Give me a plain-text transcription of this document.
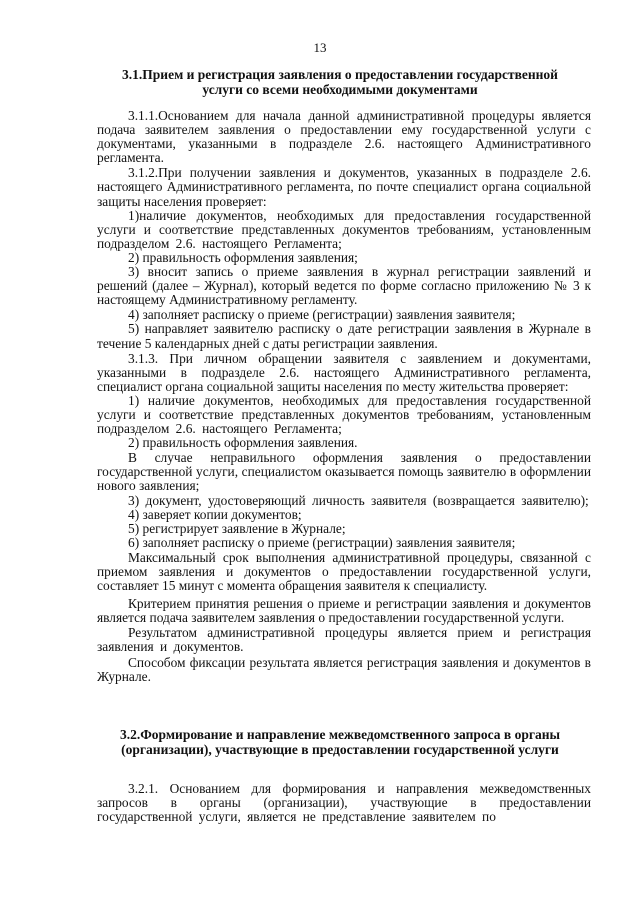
13
3.1.Прием и регистрация заявления о предоставлении государственной услуги со всеми необходимыми документами

3.1.1.Основанием для начала данной административной процедуры является подача заявителем заявления о предоставлении ему государственной услуги с документами, указанными в подразделе 2.6. настоящего Административного регламента.

3.1.2.При получении заявления и документов, указанных в подразделе 2.6. настоящего Административного регламента, по почте специалист органа социальной защиты населения проверяет:

1)наличие документов, необходимых для предоставления государственной услуги и соответствие представленных документов требованиям, установленным подразделом 2.6. настоящего Регламента;

2) правильность оформления заявления;

3) вносит запись о приеме заявления в журнал регистрации заявлений и решений (далее – Журнал), который ведется по форме согласно приложению № 3 к настоящему Административному регламенту.

4) заполняет расписку о приеме (регистрации) заявления заявителя;

5) направляет заявителю расписку о дате регистрации заявления в Журнале в течение 5 календарных дней с даты регистрации заявления.

3.1.3. При личном обращении заявителя с заявлением и документами, указанными в подразделе 2.6. настоящего Административного регламента, специалист органа социальной защиты населения по месту жительства проверяет:

1) наличие документов, необходимых для предоставления государственной услуги и соответствие представленных документов требованиям, установленным подразделом 2.6. настоящего Регламента;

2) правильность оформления заявления.

В случае неправильного оформления заявления о предоставлении государственной услуги, специалистом оказывается помощь заявителю в оформлении нового заявления;

3) документ, удостоверяющий личность заявителя (возвращается заявителю);

4) заверяет копии документов;

5) регистрирует заявление в Журнале;

6) заполняет расписку о приеме (регистрации) заявления заявителя;

Максимальный срок выполнения административной процедуры, связанной с приемом заявления и документов о предоставлении государственной услуги, составляет 15 минут с момента обращения заявителя к специалисту.

Критерием принятия решения о приеме и регистрации заявления и документов является подача заявителем заявления о предоставлении государственной услуги.

Результатом административной процедуры является прием и регистрация заявления и документов.

Способом фиксации результата является регистрация заявления и документов в Журнале.

3.2.Формирование и направление межведомственного запроса в органы (организации), участвующие в предоставлении государственной услуги

3.2.1. Основанием для формирования и направления межведомственных запросов в органы (организации), участвующие в предоставлении государственной услуги, является не представление заявителем по
